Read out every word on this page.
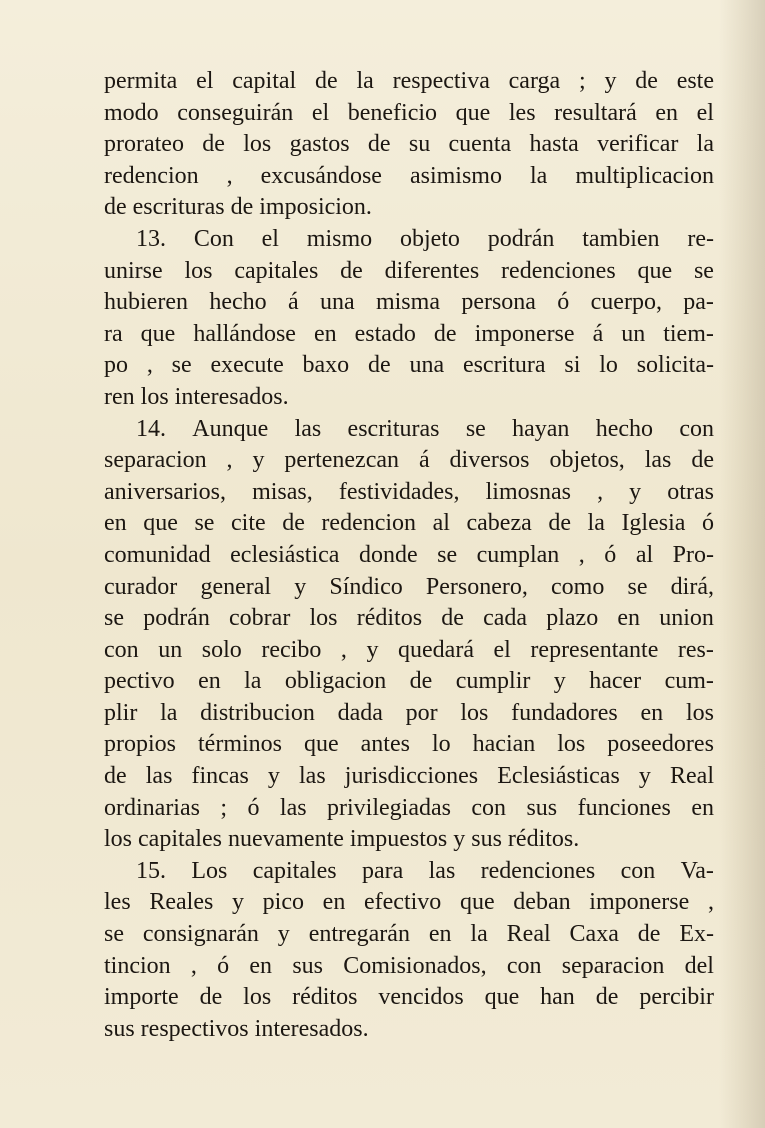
permita el capital de la respectiva carga ; y de este
modo conseguirán el beneficio que les resultará en el
prorateo de los gastos de su cuenta hasta verificar la
redencion , excusándose asimismo la multiplicacion
de escrituras de imposicion.
13. Con el mismo objeto podrán tambien re-
unirse los capitales de diferentes redenciones que se
hubieren hecho á una misma persona ó cuerpo, pa-
ra que hallándose en estado de imponerse á un tiem-
po , se execute baxo de una escritura si lo solicita-
ren los interesados.
14. Aunque las escrituras se hayan hecho con
separacion , y pertenezcan á diversos objetos, las de
aniversarios, misas, festividades, limosnas , y otras
en que se cite de redencion al cabeza de la Iglesia ó
comunidad eclesiástica donde se cumplan , ó al Pro-
curador general y Síndico Personero, como se dirá,
se podrán cobrar los réditos de cada plazo en union
con un solo recibo , y quedará el representante res-
pectivo en la obligacion de cumplir y hacer cum-
plir la distribucion dada por los fundadores en los
propios términos que antes lo hacian los poseedores
de las fincas y las jurisdicciones Eclesiásticas y Real
ordinarias ; ó las privilegiadas con sus funciones en
los capitales nuevamente impuestos y sus réditos.
15. Los capitales para las redenciones con Va-
les Reales y pico en efectivo que deban imponerse ,
se consignarán y entregarán en la Real Caxa de Ex-
tincion , ó en sus Comisionados, con separacion del
importe de los réditos vencidos que han de percibir
sus respectivos interesados.
